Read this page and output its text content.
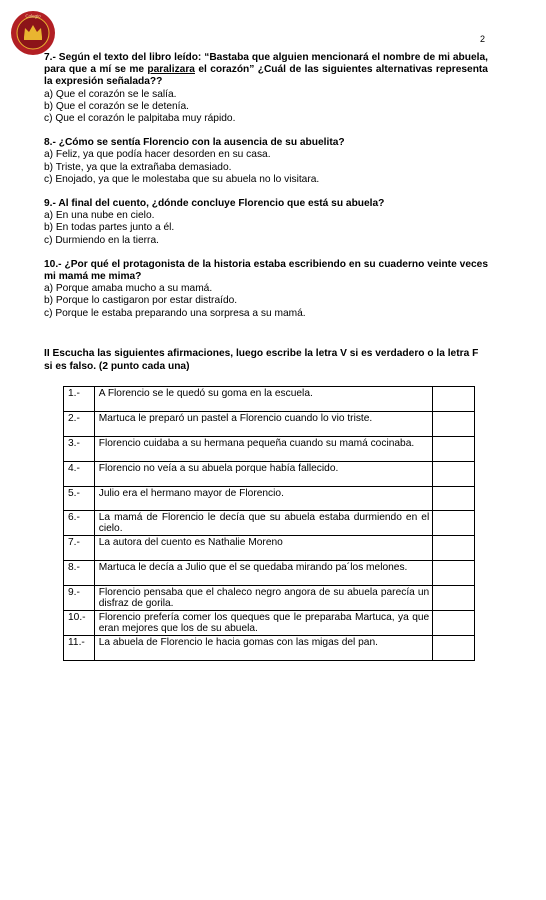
Colegio
2
7.- Según el texto del libro leído: “Bastaba que alguien mencionará el nombre de mi abuela, para que a mí se me paralizara el corazón” ¿Cuál de las siguientes alternativas representa la expresión señalada??
a) Que el corazón se le salía.
b) Que el corazón se le detenía.
c) Que el corazón le palpitaba muy rápido.
8.- ¿Cómo se sentía Florencio con la ausencia de su abuelita?
a) Feliz, ya que podía hacer desorden en su casa.
b) Triste, ya que la extrañaba demasiado.
c) Enojado, ya que le molestaba que su abuela no lo visitara.
9.- Al final del cuento, ¿dónde concluye Florencio que está su abuela?
a) En una nube en cielo.
b) En todas partes junto a él.
c) Durmiendo en la tierra.
10.- ¿Por qué el protagonista de la historia estaba escribiendo en su cuaderno veinte veces mi mamá me mima?
a) Porque amaba mucho a su mamá.
b) Porque lo castigaron por estar distraído.
c) Porque le estaba preparando una sorpresa a su mamá.
II Escucha las siguientes afirmaciones, luego escribe la letra V si es verdadero o la letra F si es falso. (2 punto cada una)
1.-	A Florencio se le quedó su goma en la escuela.	
2.-	Martuca le preparó un pastel a Florencio cuando lo vio triste.	
3.-	Florencio cuidaba a su hermana pequeña cuando su mamá cocinaba.	
4.-	Florencio no veía a su abuela porque había fallecido.	
5.-	Julio era el hermano mayor de Florencio.	
6.-	La mamá de Florencio le decía que su abuela estaba durmiendo en el cielo.	
7.-	La autora del cuento es Nathalie Moreno	
8.-	Martuca le decía a Julio que el se quedaba mirando pa´los melones.	
9.-	Florencio pensaba que el chaleco negro angora de su abuela parecía un disfraz de gorila.	
10.-	Florencio prefería comer los queques que le preparaba Martuca, ya que eran mejores que los de su abuela.	
11.-	La abuela de Florencio le hacia gomas con las migas del pan.	
